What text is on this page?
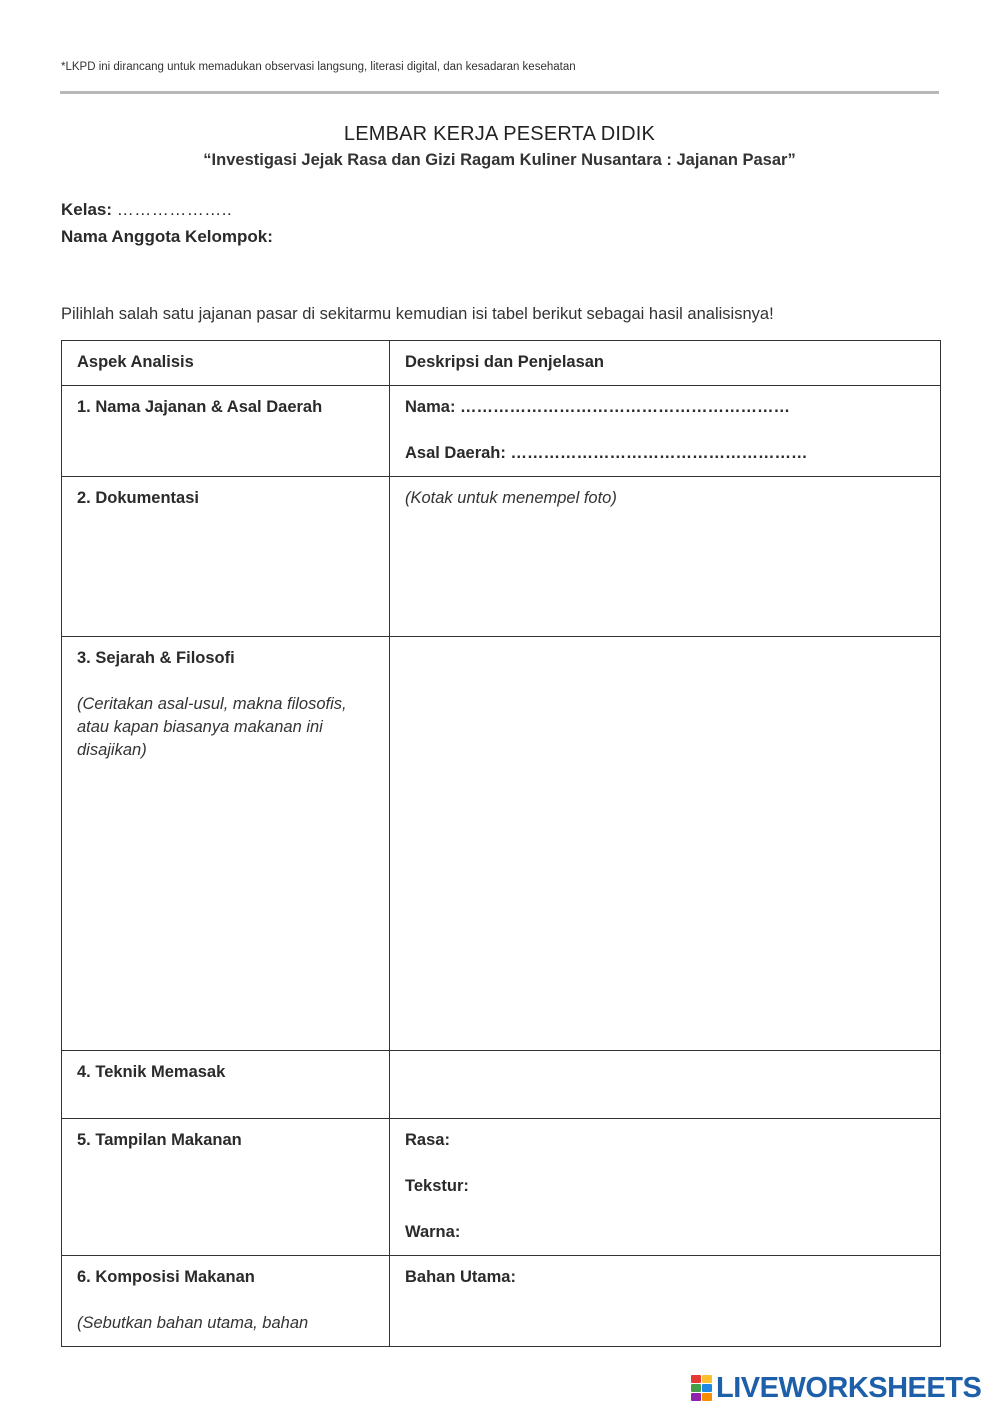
*LKPD ini dirancang untuk memadukan observasi langsung, literasi digital, dan kesadaran kesehatan
LEMBAR KERJA PESERTA DIDIK
“Investigasi Jejak Rasa dan Gizi Ragam Kuliner Nusantara : Jajanan Pasar”
Kelas: ………………..
Nama Anggota Kelompok:
Pilihlah salah satu jajanan pasar di sekitarmu kemudian isi tabel berikut sebagai hasil analisisnya!
Aspek Analisis	Deskripsi dan Penjelasan
1. Nama Jajanan & Asal Daerah	Nama: ……………………………………………………
Asal Daerah: ………………………………………………

2. Dokumentasi	(Kotak untuk menempel foto)

3. Sejarah & Filosofi
(Ceritakan asal-usul, makna filosofis, atau kapan biasanya makanan ini disajikan)	

4. Teknik Memasak	
5. Tampilan Makanan	Rasa:
Tekstur:
Warna:

6. Komposisi Makanan
(Sebutkan bahan utama, bahan	Bahan Utama:
LIVEWORKSHEETS
